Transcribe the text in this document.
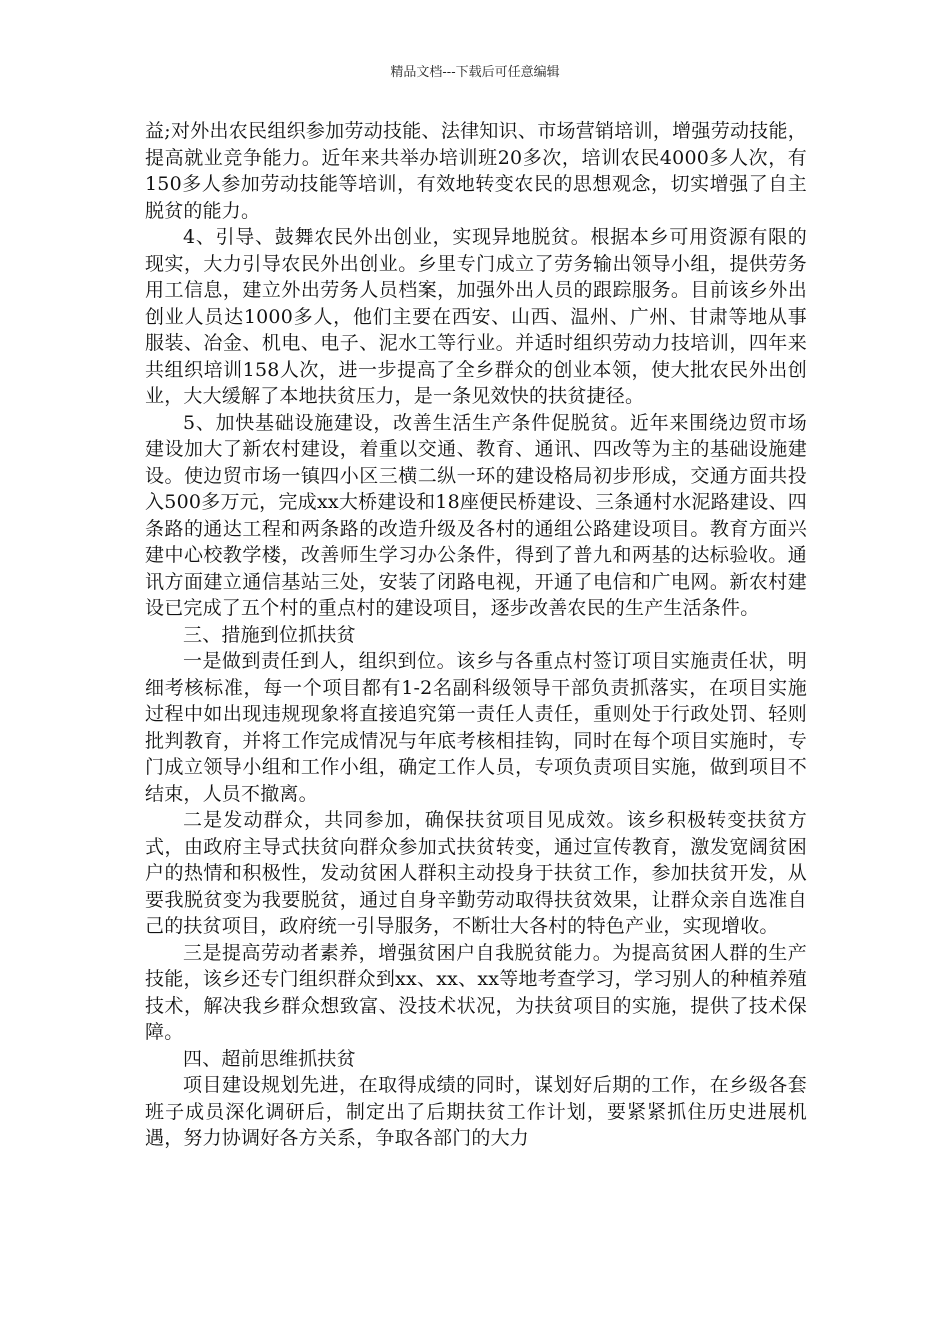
精品文档---下载后可任意编辑

益;对外出农民组织参加劳动技能、法律知识、市场营销培训，增强劳动技能，提高就业竞争能力。近年来共举办培训班20多次，培训农民4000多人次，有150多人参加劳动技能等培训，有效地转变农民的思想观念，切实增强了自主脱贫的能力。

4、引导、鼓舞农民外出创业，实现异地脱贫。根据本乡可用资源有限的现实，大力引导农民外出创业。乡里专门成立了劳务输出领导小组，提供劳务用工信息，建立外出劳务人员档案，加强外出人员的跟踪服务。目前该乡外出创业人员达1000多人，他们主要在西安、山西、温州、广州、甘肃等地从事服装、冶金、机电、电子、泥水工等行业。并适时组织劳动力技培训，四年来共组织培训158人次，进一步提高了全乡群众的创业本领，使大批农民外出创业，大大缓解了本地扶贫压力，是一条见效快的扶贫捷径。

5、加快基础设施建设，改善生活生产条件促脱贫。近年来围绕边贸市场建设加大了新农村建设，着重以交通、教育、通讯、四改等为主的基础设施建设。使边贸市场一镇四小区三横二纵一环的建设格局初步形成，交通方面共投入500多万元，完成xx大桥建设和18座便民桥建设、三条通村水泥路建设、四条路的通达工程和两条路的改造升级及各村的通组公路建设项目。教育方面兴建中心校教学楼，改善师生学习办公条件，得到了普九和两基的达标验收。通讯方面建立通信基站三处，安装了闭路电视，开通了电信和广电网。新农村建设已完成了五个村的重点村的建设项目，逐步改善农民的生产生活条件。

三、措施到位抓扶贫

一是做到责任到人，组织到位。该乡与各重点村签订项目实施责任状，明细考核标准，每一个项目都有1-2名副科级领导干部负责抓落实，在项目实施过程中如出现违规现象将直接追究第一责任人责任，重则处于行政处罚、轻则批判教育，并将工作完成情况与年底考核相挂钩，同时在每个项目实施时，专门成立领导小组和工作小组，确定工作人员，专项负责项目实施，做到项目不结束，人员不撤离。

二是发动群众，共同参加，确保扶贫项目见成效。该乡积极转变扶贫方式，由政府主导式扶贫向群众参加式扶贫转变，通过宣传教育，激发宽阔贫困户的热情和积极性，发动贫困人群积主动投身于扶贫工作，参加扶贫开发，从要我脱贫变为我要脱贫，通过自身辛勤劳动取得扶贫效果，让群众亲自选准自己的扶贫项目，政府统一引导服务，不断壮大各村的特色产业，实现增收。

三是提高劳动者素养，增强贫困户自我脱贫能力。为提高贫困人群的生产技能，该乡还专门组织群众到xx、xx、xx等地考查学习，学习别人的种植养殖技术，解决我乡群众想致富、没技术状况，为扶贫项目的实施，提供了技术保障。

四、超前思维抓扶贫

项目建设规划先进，在取得成绩的同时，谋划好后期的工作，在乡级各套班子成员深化调研后，制定出了后期扶贫工作计划，要紧紧抓住历史进展机遇，努力协调好各方关系，争取各部门的大力
